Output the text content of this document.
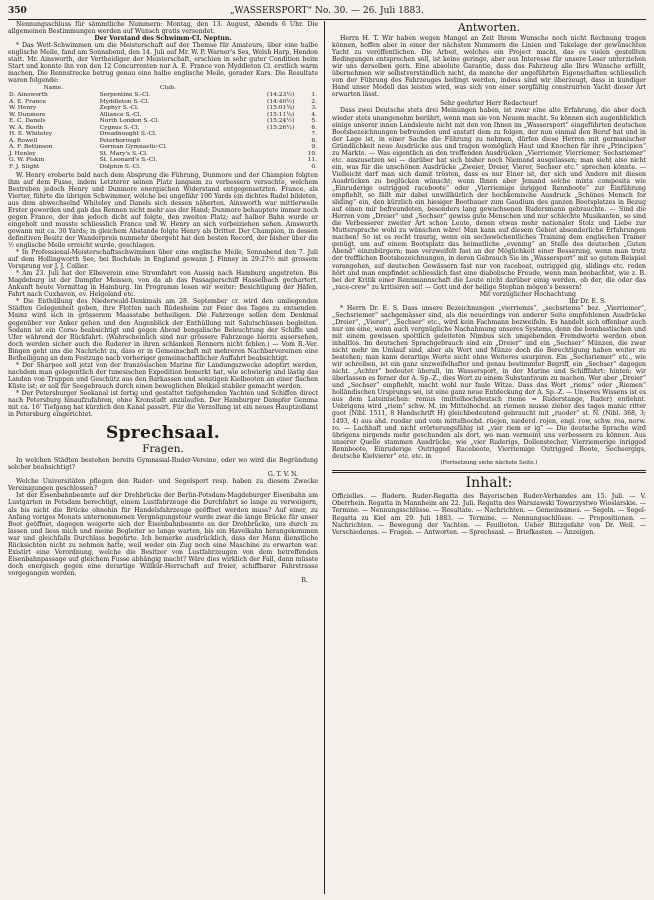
350	„WASSERSPORT“ No. 30. — 26. Juli 1883.

Nennungsschluss für sämmtliche Nummern: Montag, den 13. August, Abends 6 Uhr. Die allgemeinen Bestimmungen werden auf Wunsch gratis versendet.

Der Vorstand des Schwimm-Cl. Neptun.

* Das Wett-Schwimmen um die Meisterschaft auf der Themse für Amateurs, über eine halbe englische Meile, fand am Sonnabend, den 14. Juli auf Mr. W. P. Warner's Ses, Welsh Harp, Hendon statt. Mr. Ainsworth, der Vertheidiger der Meisterschaft, erschien in sehr guter Condition beim Start und konnte ihn von den 12 Concurrenten nur A. E. France von Myddleton Cl. erstlich warm machen. Die Rennstrecke betrug genau eine halbe englische Meile, gerader Kurs. Die Resultate waren folgende:

Name.	Club.		
D. Ainsworth	Serpentine S.-Cl.	(14:23½)	1.
A. E. France	Myddleton S.-Cl.	(14:40½)	2.
W. Henry	Zephyr S.-Cl.	(15:01¾)	3.
W. Dunmore	Alliance S.-Cl.	(15:11¼)	4.
E. C. Danels	North London S.-Cl.	(15:24½)	5.
W. A. Booth	Cygnus S.-Cl.	(15:26½)	6.
H. E. Whiteley	Dreadnought S.-Cl.		7.
A. Rowell	Peterborough		8.
A. F. Bettinson	German Gymnastic-Cl.		9.
J. Henley	St. Mary's S.-Cl.		10.
G. W. Piskin	St. Leonard's S.-Cl.		11.
F. J. Slight	Dolphin S.-Cl.		0.

W. Henry eroberte bald nach dem Absprung die Führung, Dunmore und der Champion folgten ihm auf dem Fusse, indem Letzterer seinen Platz langsam zu verbessern versuchte, welchem Bestreben jedoch Henry und Dunmore energischen Widerstand entgegensetzten. France, als Vierter, führte die übrigen Schwimmer, welche bei ungefähr 100 Yards ein dichtes Rudel bildeten, aus dem abwechselnd Whiteley und Danels sich dessen näherten. Ainsworth war mittlerweile Erster geworden und gab das Rennen nicht mehr aus der Hand; Dunmore behauptete immer noch gegen France, der ihm jedoch dicht auf folgte, den zweiten Platz; auf halber Bahn wurde er eingeholt und musste schliesslich France und W. Henry an sich vorbeiziehen sehen. Ainsworth gewann mit ca. 30 Yards; in gleichem Abstande folgte Henry als Dritter. Der Champion, in dessen definitiven Besitz der Wanderpreis nunmehr übergeht hat den besten Record, der bisher über die ½ englische Meile erreicht wurde, geschlagen.

* In Professional-Meisterschaftsschwimmen über eine englische Meile, Sonnabend den 7. Juli auf dem Hollingworth See, bei Rochdale in England gewann J. Finney in 29:27½ mit grossem Vorsprung vor J. J. Collier.

* Am 23. Juli hat der Elbeverein eine Stromfahrt von Aussig nach Hamburg angetreten. Bis Magdeburg ist der Dampfer Meissen, von da ab das Passagierschiff Hasselbach gechartert. Ankunft heute Vormittag in Hamburg. Im Programm lesen wir weiter: Besichtigung der Häfen, Fahrt nach Cuxhaven, ev. Helgoland etc.

* Die Enthüllung des Niederwald-Denkmals am 28. September cr. wird den umliegenden Städten Gelegenheit geben, ihre Flotten nach Rüdesheim zur Feier des Tages zu entsenden. Mainz wird sich in grösserem Maasstabe betheiligen. Die Fahrzeuge sollen dem Denkmal gegenüber vor Anker gehen und den Augenblick der Enthüllung mit Salutschüssen begleiten. Sodann ist ein Corso beabsichtigt und gegen Abend bengalische Beleuchtung der Schiffe und Ufer während der Rückfahrt. (Wahrscheinlich sind nur grössere Fahrzeuge hierzu ausersehen, doch werden sicher auch die Ruderer in ihren schlanken Rennern nicht fehlen.) — Vom R.-Ver. Bingen geht uns die Nachricht zu, dass er in Gemeinschaft mit mehreren Nachbarvereinen eine Betheiligung an dem Festzuge nach vorheriger gemeinschaftlicher Auffahrt beabsichtigt.

* Der Sharpee soll jetzt von der französischen Marine für Landungszwecke adoptirt werden, nachdem man gelegentlich der tunesischen Expedition bemerkt hat, wie schwierig und lästig das Landen von Truppen und Geschütz aus den Barkassen und sonstigen Kielbooten an einer flachen Küste ist; er soll für Seegebrauch durch einen beweglichen Bleikiel stabiler gemacht werden.

* Der Petersburger Seekanal ist fertig und gestattet tiefgehenden Yachten und Schiffen direct nach Petersburg hinaufzufahren, ohne Kronstadt anzulaufen. Der Hamburger Dampfer Gemma mit ca. 16' Tiefgang hat kürzlich den Kanal passirt. Für die Verzollung ist ein neues Hauptzollamt in Petersburg eingerichtet.

Sprechsaal.
Fragen.

In welchen Städten bestehen bereits Gymnasial-Ruder-Vereine, oder wo wird die Begründung solcher beabsichtigt?

G. T. V. N.

Welche Universitäten pflegen den Ruder- und Segelsport resp. haben zu diesem Zwecke Vereinigungen geschlossen?

Ist der Eisenbahnbeamte auf der Drehbrücke der Berlin-Potsdam-Magdeburger Eisenbahn am Lustgarten in Potsdam berechtigt, einem Lustfahrzeuge die Durchfahrt so lange zu verweigern, als bis nicht die Brücke ohnehin für Handelsfahrzeuge geöffnet werden muss? Auf einer, zu Anfang voriges Monats unternommenen Vergnügungstour wurde zwar die lange Brücke für unser Boot geöffnet, dagegen weigerte sich der Eisenbahnbeamte an der Drehbrücke, uns durch zu lassen und liess mich und meine Begleiter so lange warten, bis ein Havelkahn herangekommen war und gleichfalls Durchlass begehrte. Ich bemerke ausdrücklich, dass der Mann dienstliche Rücksichten nicht zu nehmen hatte, weil weder ein Zug noch eine Maschine zu erwarten war. Existirt eine Verordnung, welche die Besitzer von Lustfahrzeugen von dem betreffenden Eisenbahnpassage auf gleichem Fusse abhängig macht? Wäre dies wirklich der Fall, dann müsste doch energisch gegen eine derartige Willkür-Herrschaft auf freier, schiffbarer Fahrstrasse vorgegangen werden.

R.
Antworten.

Herrn H. T. Wir haben wegen Mangel an Zeit Ihrem Wunsche noch nicht Rechnung tragen können, hoffen aber in einer der nächsten Nummern die Linien und Takelage der gewünschten Yacht zu veröffentlichen. Die Arbeit, welches ein Project macht, das es vielen gestellten Bedingungen entsprechen soll, ist keine geringe, aber aus Interesse für unsere Leser unterziehen wir uns derselben gern. Eine absolute Garantie, dass das Fahrzeug alle Ihre Wünsche erfüllt, übernehmen wir selbstverständlich nicht, da manche der angeführten Eigenschaften schliesslich von der Führung des Fahrzeuges bedingt werden, indess sind wir überzeugt, dass in kundiger Hand unser Modell das leisten wird, was sich von einer sorgfältig construirten Yacht dieser Art erwarten lässt.

Sehr geehrter Herr Redacteur!

Dass zwei Deutsche stets drei Meinungen haben, ist zwar eine alte Erfahrung, die aber doch wieder stets unangenehm berührt, wenn man sie von Neuem macht. So können sich augenblicklich einige unserer innen Landsleute nicht mit den von Ihnen im „Wassersport“ eingeführten deutschen Bootsbezeichnungen befreunden und anstatt dem zu folgen, der nun einmal den Beruf hat und in der Lage ist, in einer Sache die Führung zu nehmen, dürfen diese Herren mit germanischer Gründlichkeit neue Ausdrücke aus und tragen womöglich Haut und Knochen für ihre „Principien“ zu Markte. — Was eigentlich an den treffenden Ausdrücken „Vierriemer, Vierriemer, Sechsriemer“ etc. auszusetzen sei — darüber hat sich bisher noch Niemand ausgelassen; man sieht also nicht ein, was für die unschönen Ausdrücke „Zweier, Dreier, Vierer, Sechser etc.“ sprechen könnte. — Vielleicht darf man sich damit trösten, dass es nur Einer ist, der sich und Andere mit diesen Ausdrücken zu beglücken wünscht; wenn Ihnen aber Jemand solche mixta composita wie „Einruderige outrigged raceboote“ oder „Vierriemige inrigged Rennboote“ zur Einführung empfiehlt, so fällt mir dabei unwillkürlich der hochkomische Ausdruck „Schönes Mensch for sliding“ ein, den kürzlich ein hiesiger Bootbauer zum Gaudium des ganzen Bootsplatzes in Bezug auf einen mir befreundeten, besonders lang gewachsenen Rudersmann gebrauchte. — Sind die Herren vom „Dreier“ und „Sechser“ gewiss gute Menschen und nur schlechte Musikanten, so sind die Verbesserer zweiter Art schon Leute, denen etwas mehr nationaler Stolz und Liebe zur Muttersprache wohl zu wünschen wäre! Man kann auf diesem Gebiet absonderliche Erfahrungen machen! So ist es recht traurig, wenn ein sechswöchentliches Training dem englischen Trainer genügt, um auf einem Bootsplatz das heimatliche „evening“ an Stelle des deutschen „Guten Abend“ einzubürgern; man verzweifelt fast an der Möglichkeit einer Besserung, wenn man trotz der trefflichen Bootsbezeichnungen, in deren Gebrauch Sie im „Wassersport“ mit so gutem Beispiel vorangehen, auf deutschen Gewässern fast nur von raceboat, outrigged gig, slidings etc. reden hört und man empfindet schliesslich fast eine diabolische Freude, wenn man beobachtet, wie z. B. bei der Kritik einer Rennmannschaft die Leute nicht darüber einig werden, ob der, die oder das „race-crew“ zu kritisiren sei! — Gott und der heilige Stephan mögen’s bessern!

Mit vorzüglicher Hochachtung
Ihr Dr. E. S.

* Herrn Dr. E. S. Dass unsere Bezeichnungen „vierriemis“, „sechsriems“ bez. „Vierriemer“, „Sechsriemer“ sachgemässer sind, als die neuerdings von anderer Seite empfohlenen Ausdrücke „Dreier“, „Vierer“, „Sechser“ etc., wird kein Fachmann bezweifeln. Es handelt sich offenbar auch nur um eine, wenn auch vergnügliche Nachahmung unseres Systems, denn die bombastischen und mit einem gewissen spottlich geleiteten Nimbus sich umgebenden Fremdworte werden eben inhaltlos. Im deutschen Sprachgebrauch sind ein „Dreier“ und ein „Sechser“ Münzen, die zwar nicht mehr im Umlauf sind, aber als Wort und Münze doch die Berechtigung haben weiter zu bestehen; man kann derartige Worte nicht ohne Weiteres usurpiren. Ein „Sechsriemer“ etc., wie wir schreiben, ist ein ganz unzweifelhafter und genau bestimmter Begriff, ein „Sechser“ dagegen nicht. „Achter“ bedeutet überall, im Wassersport, in der Marine und Schifffahrt: hinten; wir überlassen es ferner der A. Sp.-Z., dies Wort zu einem Substantivum zu machen. Wer aber „Dreier“ und „Sechser“ empfiehlt, macht wohl nur faule Witze. Dass das Wort „riems“ oder „Riemen“ holländischen Ursprungs sei, ist eine ganz neue Entdeckung der A. Sp.-Z. — Unseres Wissens ist es aus dem Lateinischen: remus (mittelhochdeutsch rieme = Ruderstange, Ruder) entlehnt. Uebrigens wird „riem“ schw. M. im Mittelhochd. an riemen musse zieher des tages manic ritter guot (Nibl. 1511, 8 Handschrift H) gleichbedeutend gebraucht mit „ruoder“ st. N. (Nibl. 368, 3; 1493, 4) aus ahd. ruodar und vom mittelhochd. rüejen, niederd. rojen, engl. row, schw. roa, norw. ro. — Lachhaft und nicht erörterungsfähig ist „vier riem er ig“ — Die deutsche Sprache wird übrigens nirgends mehr geschunden als dort, wo man vermeint uns verbessern zu können. Aus unserer Quelle stammen Ausdrücke, wie „vier Ruderigs, Dollenstecher, Vierriemerige inrigged Rennboote, Einruderige Outrigged Raceboote, Vierriemige Outrigged Boote, Sechsergigs, deutsche Kielvierer“ etc. etc. in

(Fortsetzung siehe nächste Seite.)
Inhalt:

Officielles. — Rudern. Ruder-Regatta des Bayerischen Ruder-Verbandes am 15. Juli. — V. Oberrhein. Regatta in Mannheim am 22. Juli. Regatta des Warszawski Towarzystwo Wioslarskie. — Termine. — Nennungsschlüsse. — Resultate. — Nachrichten. — Gemeinsames. — Segeln. — Segel-Regatta zu Kiel am 29. Juli 1883. — Termine. — Nennungsschlüsse. — Propositionen. — Nachrichten. — Bewegung der Yachten. — Feuilleton. Ueber Blitzgefahr von Dr. Weil. — Verschiedenes. — Fragen. — Antworten. — Sprechsaal. — Briefkasten. — Anzeigen.
